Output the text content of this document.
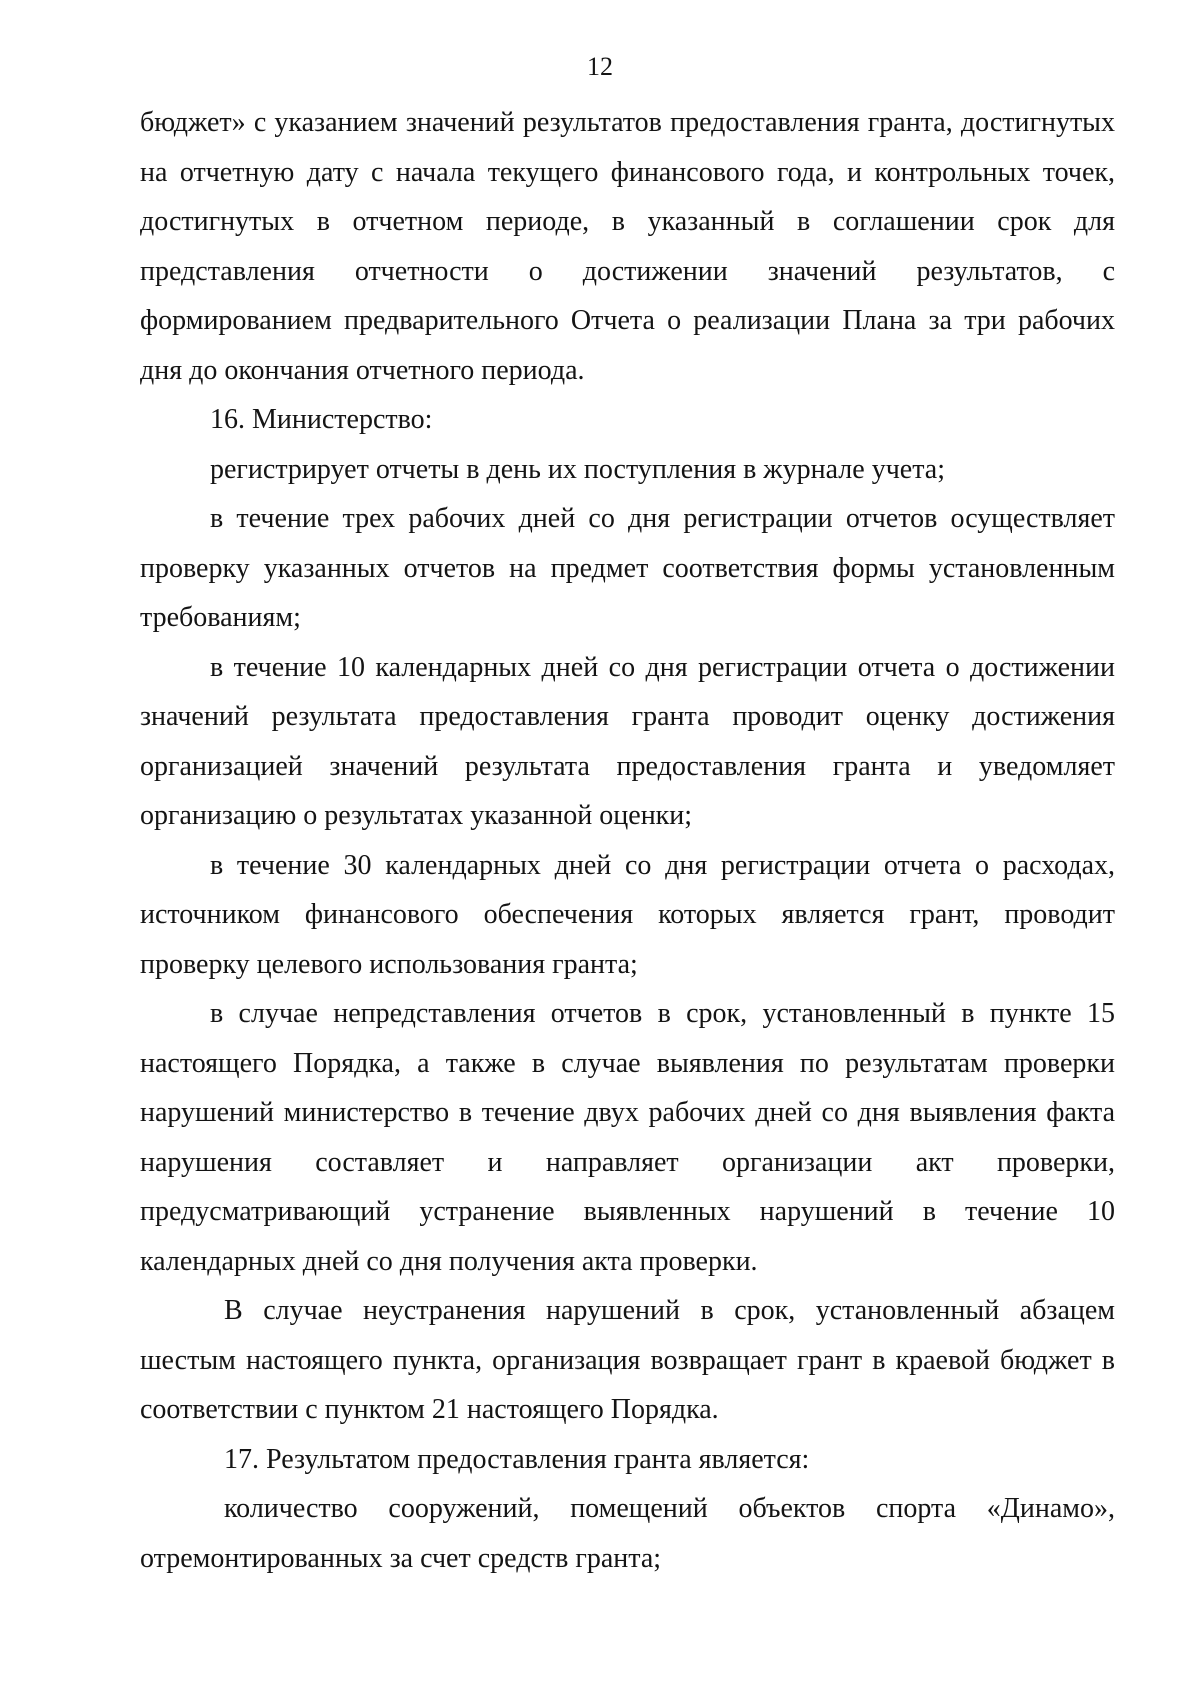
12

бюджет» с указанием значений результатов предоставления гранта, достигнутых на отчетную дату с начала текущего финансового года, и контрольных точек, достигнутых в отчетном периоде, в указанный в соглашении срок для представления отчетности о достижении значений результатов, с формированием предварительного Отчета о реализации Плана за три рабочих дня до окончания отчетного периода.

16. Министерство:

регистрирует отчеты в день их поступления в журнале учета;

в течение трех рабочих дней со дня регистрации отчетов осуществляет проверку указанных отчетов на предмет соответствия формы установленным требованиям;

в течение 10 календарных дней со дня регистрации отчета о достижении значений результата предоставления гранта проводит оценку достижения организацией значений результата предоставления гранта и уведомляет организацию о результатах указанной оценки;

в течение 30 календарных дней со дня регистрации отчета о расходах, источником финансового обеспечения которых является грант, проводит проверку целевого использования гранта;

в случае непредставления отчетов в срок, установленный в пункте 15 настоящего Порядка, а также в случае выявления по результатам проверки нарушений министерство в течение двух рабочих дней со дня выявления факта нарушения составляет и направляет организации акт проверки, предусматривающий устранение выявленных нарушений в течение 10 календарных дней со дня получения акта проверки.

В случае неустранения нарушений в срок, установленный абзацем шестым настоящего пункта, организация возвращает грант в краевой бюджет в соответствии с пунктом 21 настоящего Порядка.

17. Результатом предоставления гранта является:

количество сооружений, помещений объектов спорта «Динамо», отремонтированных за счет средств гранта;
